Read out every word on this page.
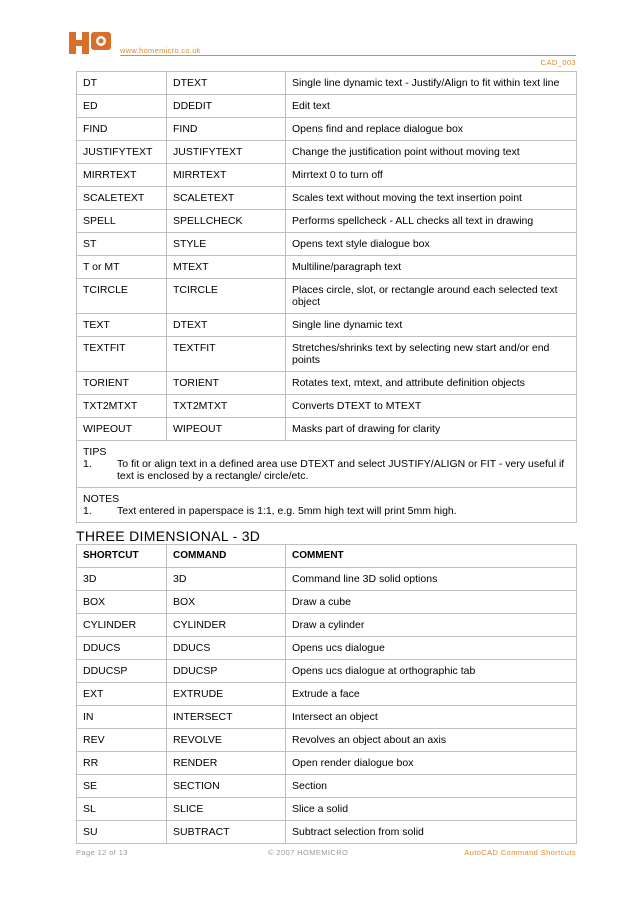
www.homemicro.co.uk
CAD_003
DT	DTEXT	Single line dynamic text - Justify/Align to fit within text line
ED	DDEDIT	Edit text
FIND	FIND	Opens find and replace dialogue box
JUSTIFYTEXT	JUSTIFYTEXT	Change the justification point without moving text
MIRRTEXT	MIRRTEXT	Mirrtext 0 to turn off
SCALETEXT	SCALETEXT	Scales text without moving the text insertion point
SPELL	SPELLCHECK	Performs spellcheck - ALL checks all text in drawing
ST	STYLE	Opens text style dialogue box
T or MT	MTEXT	Multiline/paragraph text
TCIRCLE	TCIRCLE	Places circle, slot, or rectangle around each selected text object
TEXT	DTEXT	Single line dynamic text
TEXTFIT	TEXTFIT	Stretches/shrinks text by selecting new start and/or end points
TORIENT	TORIENT	Rotates text, mtext, and attribute definition objects
TXT2MTXT	TXT2MTXT	Converts DTEXT to MTEXT
WIPEOUT	WIPEOUT	Masks part of drawing for clarity

TIPS
1. To fit or align text in a defined area use DTEXT and select JUSTIFY/ALIGN or FIT - very useful if text is enclosed by a rectangle/ circle/etc.		

NOTES
1. Text entered in paperspace is 1:1, e.g. 5mm high text will print 5mm high.		
THREE DIMENSIONAL - 3D
SHORTCUT	COMMAND	COMMENT
3D	3D	Command line 3D solid options
BOX	BOX	Draw a cube
CYLINDER	CYLINDER	Draw a cylinder
DDUCS	DDUCS	Opens ucs dialogue
DDUCSP	DDUCSP	Opens ucs dialogue at orthographic tab
EXT	EXTRUDE	Extrude a face
IN	INTERSECT	Intersect an object
REV	REVOLVE	Revolves an object about an axis
RR	RENDER	Open render dialogue box
SE	SECTION	Section
SL	SLICE	Slice a solid
SU	SUBTRACT	Subtract selection from solid
Page 12 of 13	© 2007 HOMEMICRO	AutoCAD Command Shortcuts
